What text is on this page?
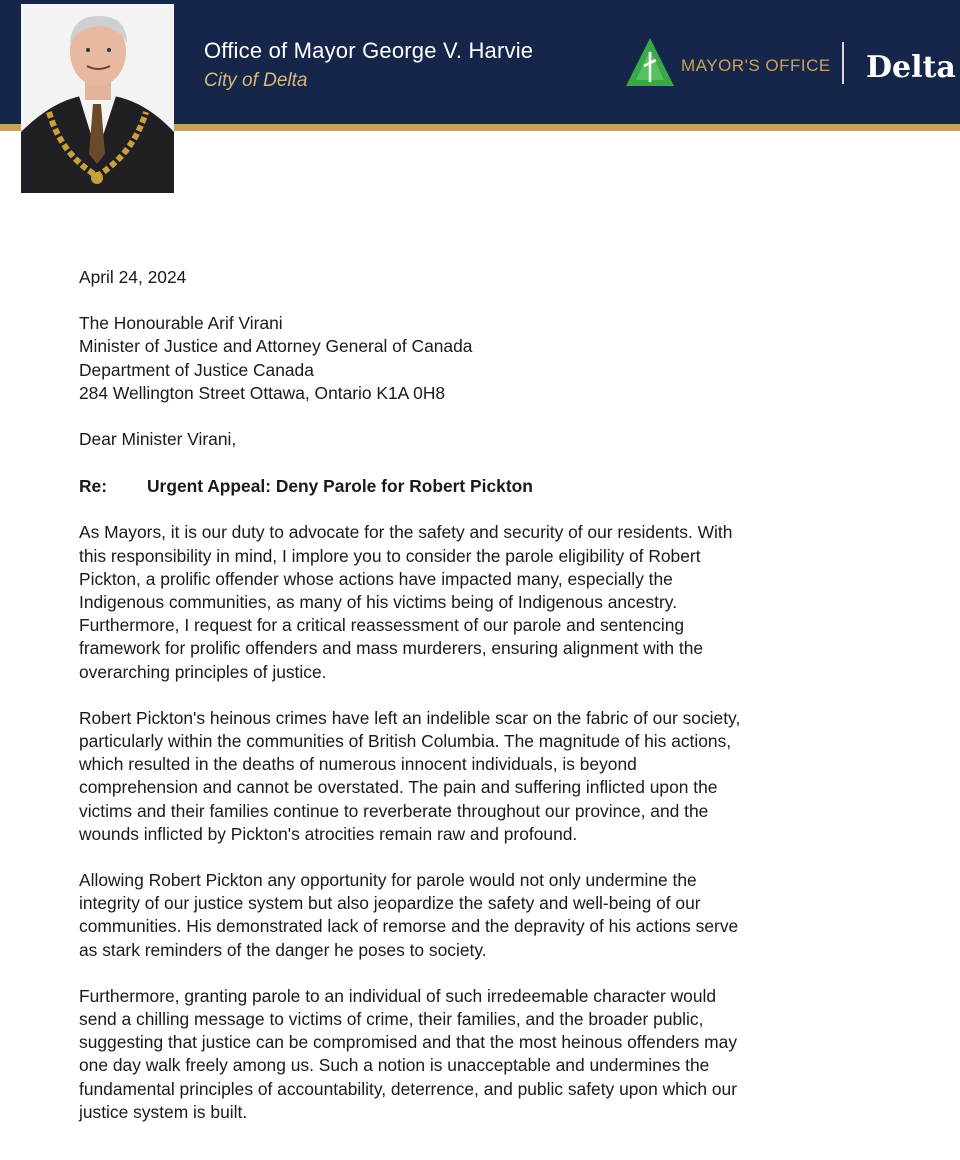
Office of Mayor George V. Harvie
City of Delta
MAYOR'S OFFICE Delta

April 24, 2024

The Honourable Arif Virani

Minister of Justice and Attorney General of Canada

Department of Justice Canada

284 Wellington Street Ottawa, Ontario K1A 0H8

Dear Minister Virani,

Re: Urgent Appeal: Deny Parole for Robert Pickton

As Mayors, it is our duty to advocate for the safety and security of our residents. With

this responsibility in mind, I implore you to consider the parole eligibility of Robert

Pickton, a prolific offender whose actions have impacted many, especially the

Indigenous communities, as many of his victims being of Indigenous ancestry.

Furthermore, I request for a critical reassessment of our parole and sentencing

framework for prolific offenders and mass murderers, ensuring alignment with the

overarching principles of justice.

Robert Pickton's heinous crimes have left an indelible scar on the fabric of our society,

particularly within the communities of British Columbia. The magnitude of his actions,

which resulted in the deaths of numerous innocent individuals, is beyond

comprehension and cannot be overstated. The pain and suffering inflicted upon the

victims and their families continue to reverberate throughout our province, and the

wounds inflicted by Pickton's atrocities remain raw and profound.

Allowing Robert Pickton any opportunity for parole would not only undermine the

integrity of our justice system but also jeopardize the safety and well-being of our

communities. His demonstrated lack of remorse and the depravity of his actions serve

as stark reminders of the danger he poses to society.

Furthermore, granting parole to an individual of such irredeemable character would

send a chilling message to victims of crime, their families, and the broader public,

suggesting that justice can be compromised and that the most heinous offenders may

one day walk freely among us. Such a notion is unacceptable and undermines the

fundamental principles of accountability, deterrence, and public safety upon which our

justice system is built.
